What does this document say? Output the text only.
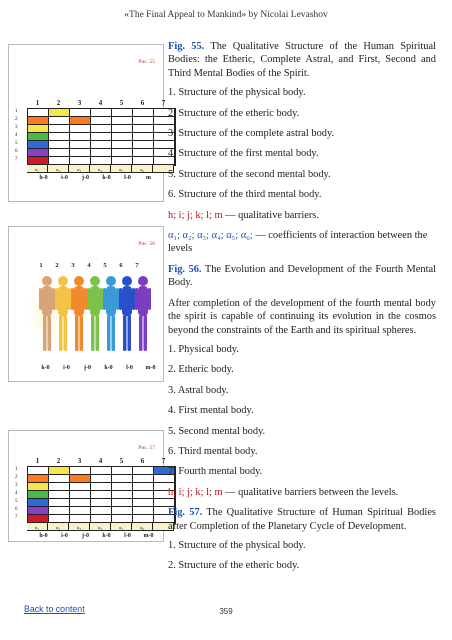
«The Final Appeal to Mankind» by Nicolai Levashov
Рис. 55
1	2	3	4	5	6	7
1
2
3
4
5
6
7
α₁	α₂	α₃	α₄	α₅	α₆
h-0	i-0	j-0	k-0	l-0	m
Рис. 56
1	2	3	4	5	6	7
k-0	i-0	j-0	k-0	l-0	m-0
Рис. 57
1	2	3	4	5	6	7
1
2
3
4
5
6
7
α₁	α₂	α₃	α₄	α₅	α₆
h-0	i-0	j-0	k-0	l-0	m-0

Fig. 55. The Qualitative Structure of the Human Spiritual Bodies: the Etheric, Complete Astral, and First, Second and Third Mental Bodies of the Spirit.

1. Structure of the physical body.

2. Structure of the etheric body.

3. Structure of the complete astral body.

4. Structure of the first mental body.

5. Structure of the second mental body.

6. Structure of the third mental body.

h; i; j; k; l; m — qualitative barriers.

α₁; α₂; α₃; α₄; α₅; α₆; — coefficients of interaction between the levels

Fig. 56. The Evolution and Development of the Fourth Mental Body.

After completion of the development of the fourth mental body the spirit is capable of continuing its evolution in the cosmos beyond the constraints of the Earth and its spiritual spheres.

1. Physical body.

2. Etheric body.

3. Astral body.

4. First mental body.

5. Second mental body.

6. Third mental body.

7. Fourth mental body.

h; i; j; k; l; m — qualitative barriers between the levels.

Fig. 57. The Qualitative Structure of Human Spiritual Bodies after Completion of the Planetary Cycle of Development.

1. Structure of the physical body.

2. Structure of the etheric body.

Back to content	359
